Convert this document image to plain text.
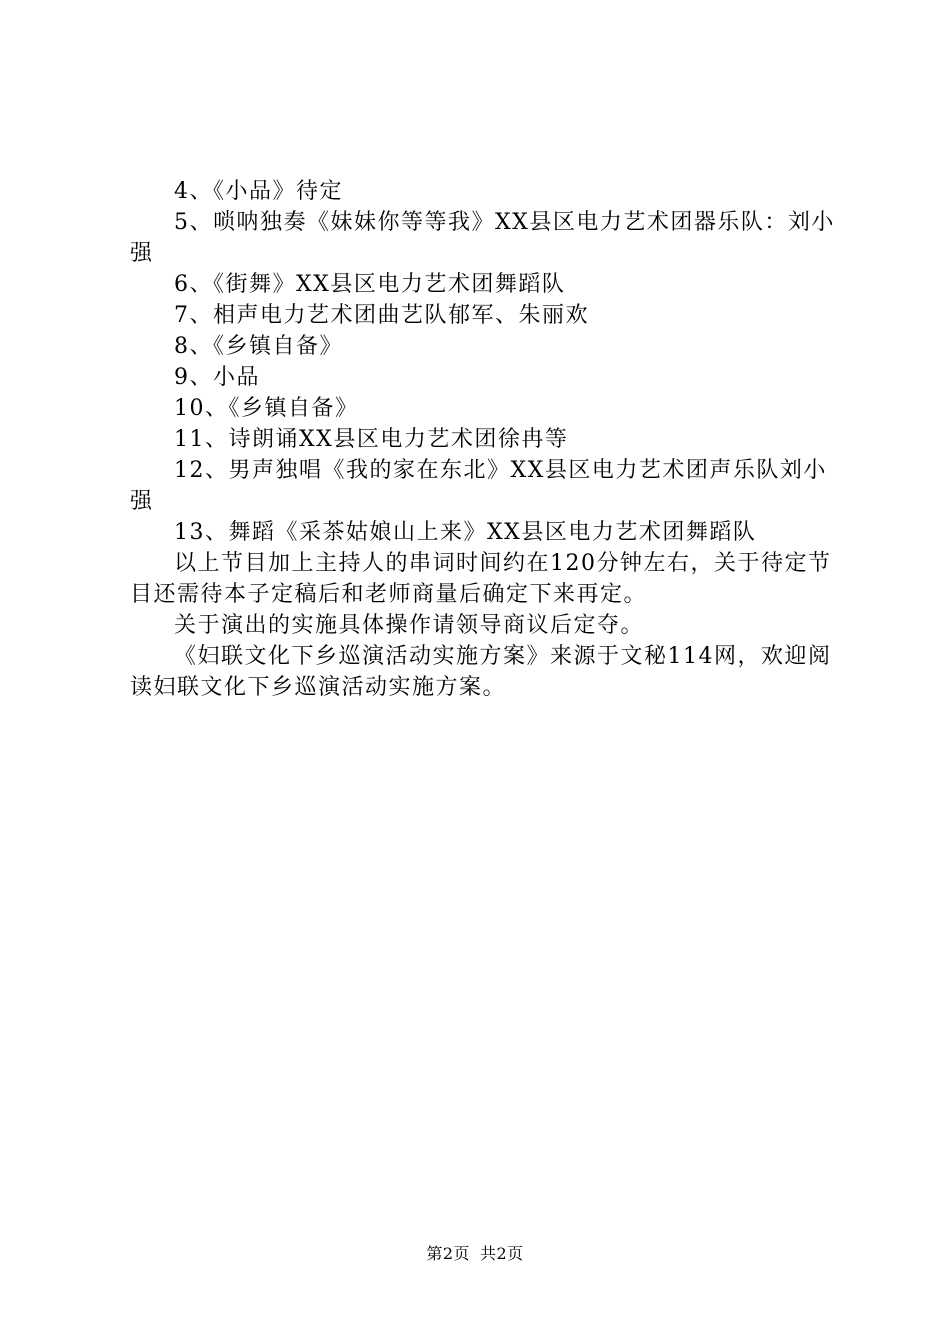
4、《小品》待定

5、唢呐独奏《妹妹你等等我》XX县区电力艺术团器乐队：刘小强

6、《街舞》XX县区电力艺术团舞蹈队

7、相声电力艺术团曲艺队郁军、朱丽欢

8、《乡镇自备》

9、小品

10、《乡镇自备》

11、诗朗诵XX县区电力艺术团徐冉等

12、男声独唱《我的家在东北》XX县区电力艺术团声乐队刘小强

13、舞蹈《采茶姑娘山上来》XX县区电力艺术团舞蹈队

以上节目加上主持人的串词时间约在120分钟左右，关于待定节目还需待本子定稿后和老师商量后确定下来再定。

关于演出的实施具体操作请领导商议后定夺。

《妇联文化下乡巡演活动实施方案》来源于文秘114网，欢迎阅读妇联文化下乡巡演活动实施方案。

第2页 共2页
